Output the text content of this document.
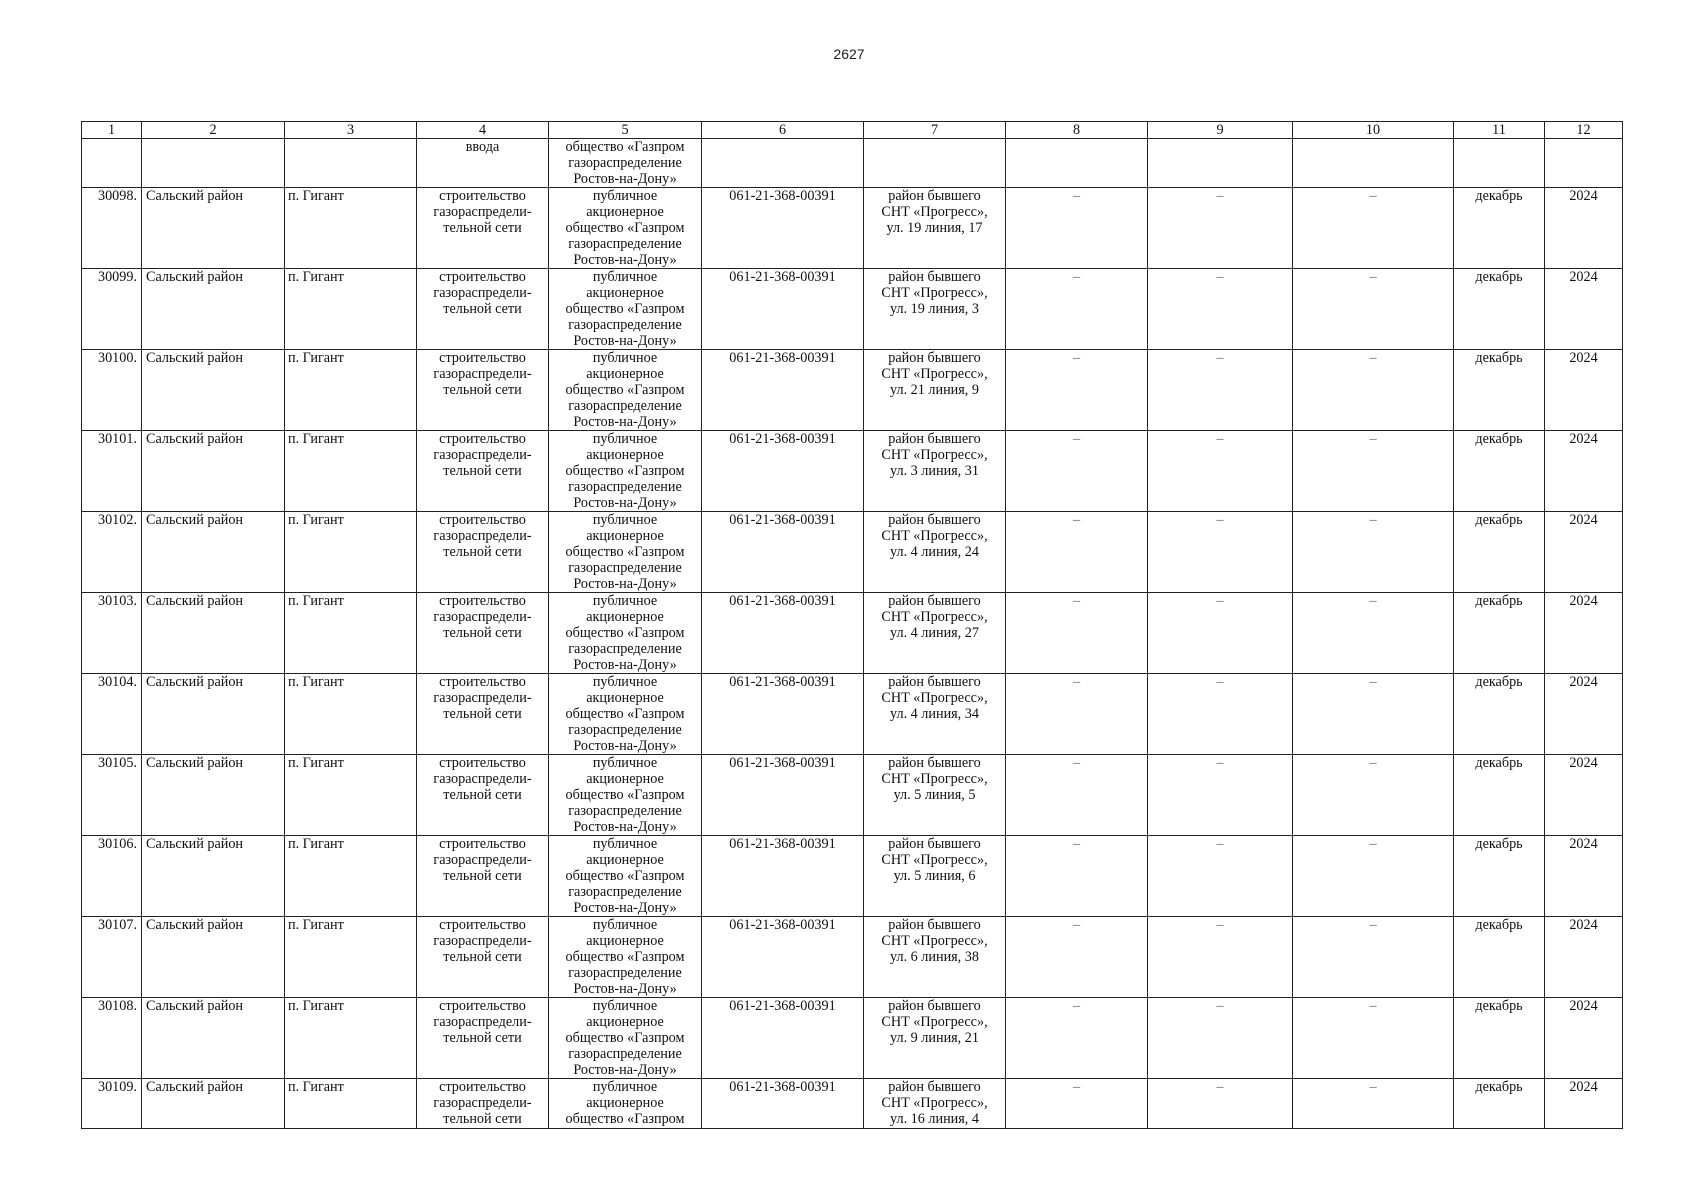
2627
1	2	3	4	5	6	7	8	9	10	11	12
			ввода	общество «Газпром
газораспределение
Ростов-на-Дону»							
30098.	Сальский район	п. Гигант	строительство
газораспредели-
тельной сети	публичное
акционерное
общество «Газпром
газораспределение
Ростов-на-Дону»	061-21-368-00391	район бывшего
СНТ «Прогресс»,
ул. 19 линия, 17	–	–	–	декабрь	2024
30099.	Сальский район	п. Гигант	строительство
газораспредели-
тельной сети	публичное
акционерное
общество «Газпром
газораспределение
Ростов-на-Дону»	061-21-368-00391	район бывшего
СНТ «Прогресс»,
ул. 19 линия, 3	–	–	–	декабрь	2024
30100.	Сальский район	п. Гигант	строительство
газораспредели-
тельной сети	публичное
акционерное
общество «Газпром
газораспределение
Ростов-на-Дону»	061-21-368-00391	район бывшего
СНТ «Прогресс»,
ул. 21 линия, 9	–	–	–	декабрь	2024
30101.	Сальский район	п. Гигант	строительство
газораспредели-
тельной сети	публичное
акционерное
общество «Газпром
газораспределение
Ростов-на-Дону»	061-21-368-00391	район бывшего
СНТ «Прогресс»,
ул. 3 линия, 31	–	–	–	декабрь	2024
30102.	Сальский район	п. Гигант	строительство
газораспредели-
тельной сети	публичное
акционерное
общество «Газпром
газораспределение
Ростов-на-Дону»	061-21-368-00391	район бывшего
СНТ «Прогресс»,
ул. 4 линия, 24	–	–	–	декабрь	2024
30103.	Сальский район	п. Гигант	строительство
газораспредели-
тельной сети	публичное
акционерное
общество «Газпром
газораспределение
Ростов-на-Дону»	061-21-368-00391	район бывшего
СНТ «Прогресс»,
ул. 4 линия, 27	–	–	–	декабрь	2024
30104.	Сальский район	п. Гигант	строительство
газораспредели-
тельной сети	публичное
акционерное
общество «Газпром
газораспределение
Ростов-на-Дону»	061-21-368-00391	район бывшего
СНТ «Прогресс»,
ул. 4 линия, 34	–	–	–	декабрь	2024
30105.	Сальский район	п. Гигант	строительство
газораспредели-
тельной сети	публичное
акционерное
общество «Газпром
газораспределение
Ростов-на-Дону»	061-21-368-00391	район бывшего
СНТ «Прогресс»,
ул. 5 линия, 5	–	–	–	декабрь	2024
30106.	Сальский район	п. Гигант	строительство
газораспредели-
тельной сети	публичное
акционерное
общество «Газпром
газораспределение
Ростов-на-Дону»	061-21-368-00391	район бывшего
СНТ «Прогресс»,
ул. 5 линия, 6	–	–	–	декабрь	2024
30107.	Сальский район	п. Гигант	строительство
газораспредели-
тельной сети	публичное
акционерное
общество «Газпром
газораспределение
Ростов-на-Дону»	061-21-368-00391	район бывшего
СНТ «Прогресс»,
ул. 6 линия, 38	–	–	–	декабрь	2024
30108.	Сальский район	п. Гигант	строительство
газораспредели-
тельной сети	публичное
акционерное
общество «Газпром
газораспределение
Ростов-на-Дону»	061-21-368-00391	район бывшего
СНТ «Прогресс»,
ул. 9 линия, 21	–	–	–	декабрь	2024
30109.	Сальский район	п. Гигант	строительство
газораспредели-
тельной сети	публичное
акционерное
общество «Газпром	061-21-368-00391	район бывшего
СНТ «Прогресс»,
ул. 16 линия, 4	–	–	–	декабрь	2024
